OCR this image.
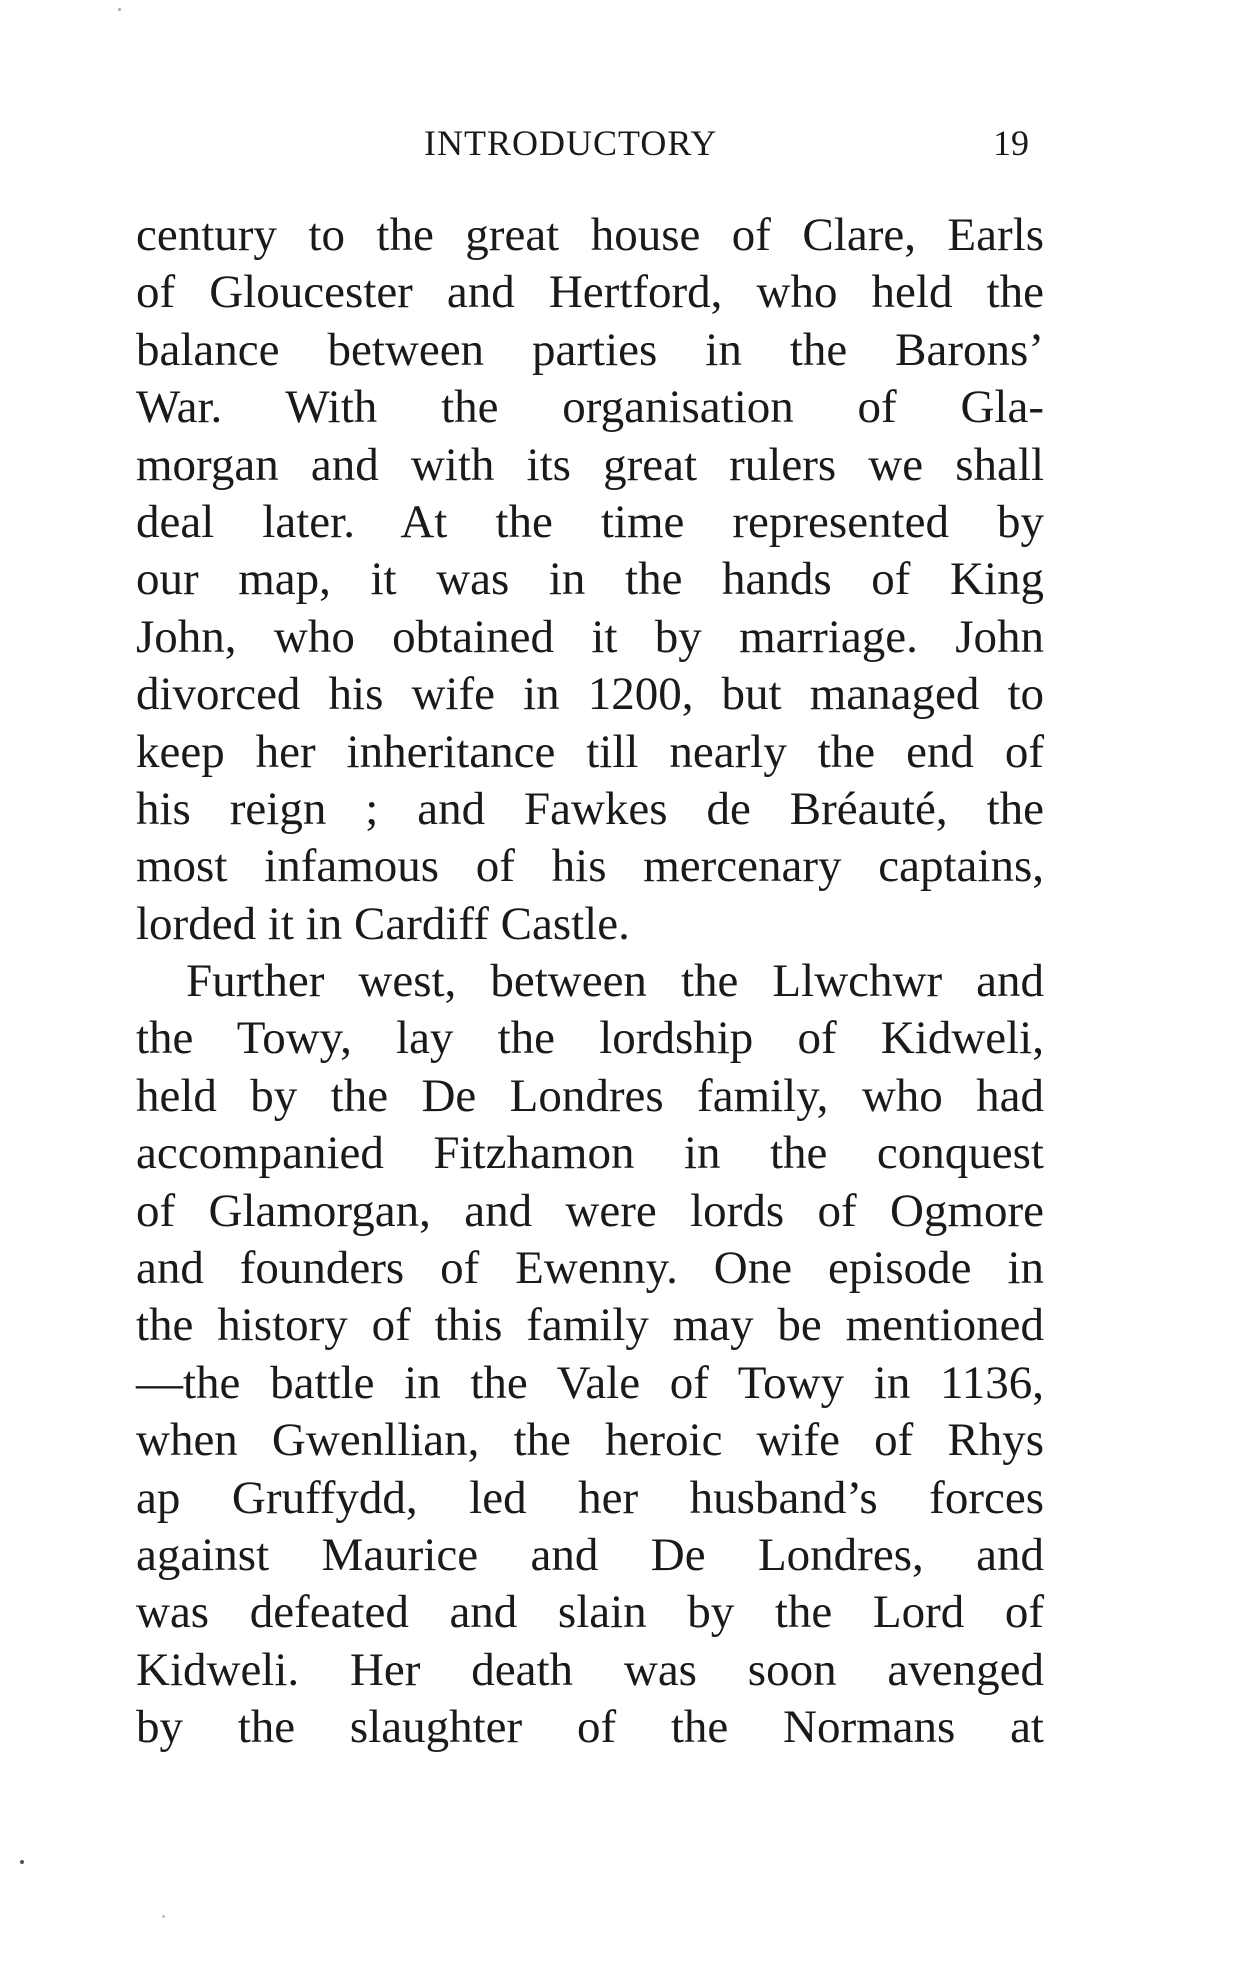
INTRODUCTORY	19
century to the great house of Clare, Earls
of Gloucester and Hertford, who held the
balance between parties in the Barons’
War. With the organisation of Gla-
morgan and with its great rulers we shall
deal later. At the time represented by
our map, it was in the hands of King
John, who obtained it by marriage. John
divorced his wife in 1200, but managed to
keep her inheritance till nearly the end of
his reign ; and Fawkes de Bréauté, the
most infamous of his mercenary captains,
lorded it in Cardiff Castle.
Further west, between the Llwchwr and
the Towy, lay the lordship of Kidweli,
held by the De Londres family, who had
accompanied Fitzhamon in the conquest
of Glamorgan, and were lords of Ogmore
and founders of Ewenny. One episode in
the history of this family may be mentioned
—the battle in the Vale of Towy in 1136,
when Gwenllian, the heroic wife of Rhys
ap Gruffydd, led her husband’s forces
against Maurice and De Londres, and
was defeated and slain by the Lord of
Kidweli. Her death was soon avenged
by the slaughter of the Normans at
